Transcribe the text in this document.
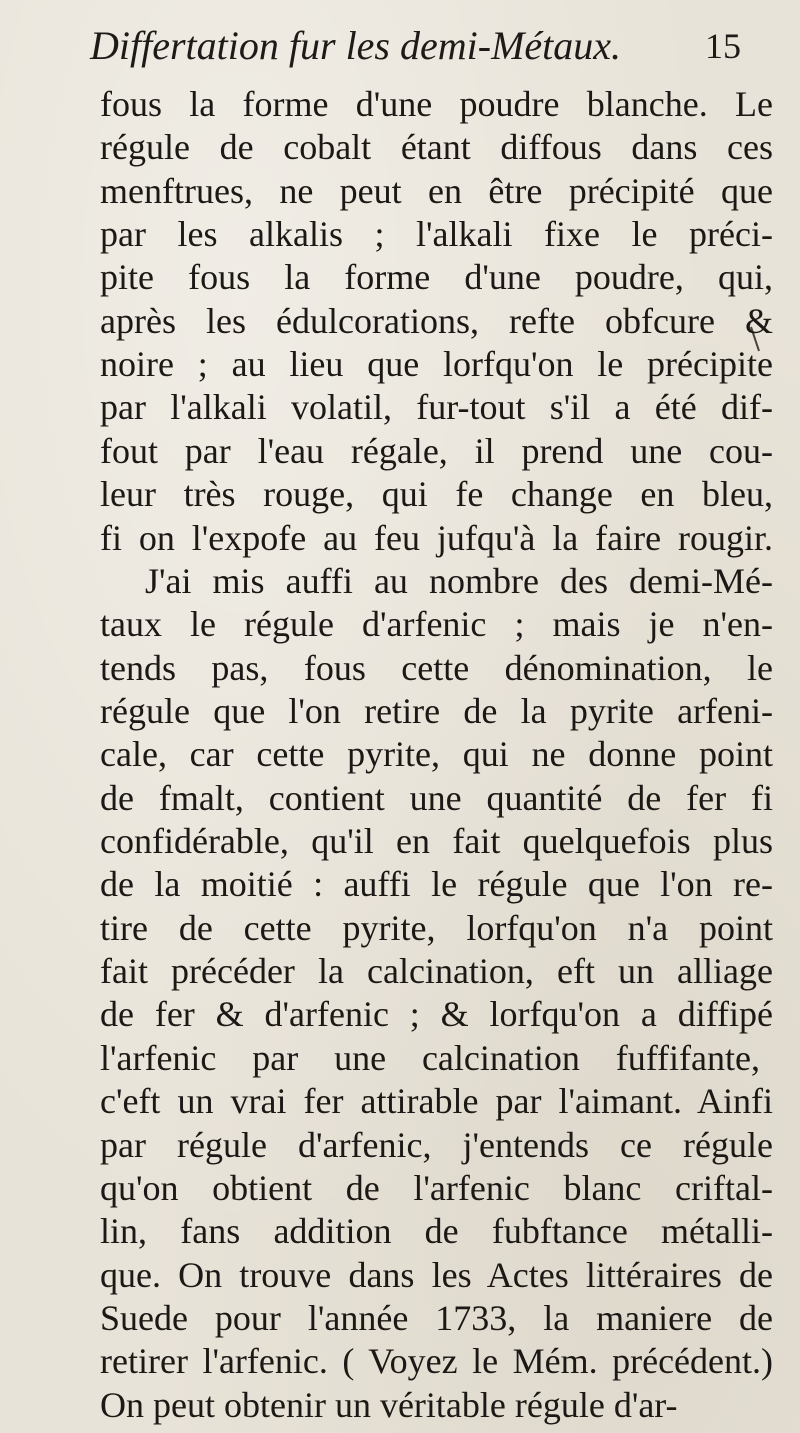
Differtation fur les demi-Métaux.	15
fous la forme d'une poudre blanche. Le
régule de cobalt étant diffous dans ces
menftrues, ne peut en être précipité que
par les alkalis ; l'alkali fixe le préci-
pite fous la forme d'une poudre, qui,
après les édulcorations, refte obfcure &
noire ; au lieu que lorfqu'on le précipite
par l'alkali volatil, fur-tout s'il a été dif-
fout par l'eau régale, il prend une cou-
leur très rouge, qui fe change en bleu,
fi on l'expofe au feu jufqu'à la faire rougir.
J'ai mis auffi au nombre des demi-Mé-
taux le régule d'arfenic ; mais je n'en-
tends pas, fous cette dénomination, le
régule que l'on retire de la pyrite arfeni-
cale, car cette pyrite, qui ne donne point
de fmalt, contient une quantité de fer fi
confidérable, qu'il en fait quelquefois plus
de la moitié : auffi le régule que l'on re-
tire de cette pyrite, lorfqu'on n'a point
fait précéder la calcination, eft un alliage
de fer & d'arfenic ; & lorfqu'on a diffipé
l'arfenic par une calcination fuffifante,
c'eft un vrai fer attirable par l'aimant. Ainfi
par régule d'arfenic, j'entends ce régule
qu'on obtient de l'arfenic blanc criftal-
lin, fans addition de fubftance métalli-
que. On trouve dans les Actes littéraires de
Suede pour l'année 1733, la maniere de
retirer l'arfenic. ( Voyez le Mém. précédent.)
On peut obtenir un véritable régule d'ar-
